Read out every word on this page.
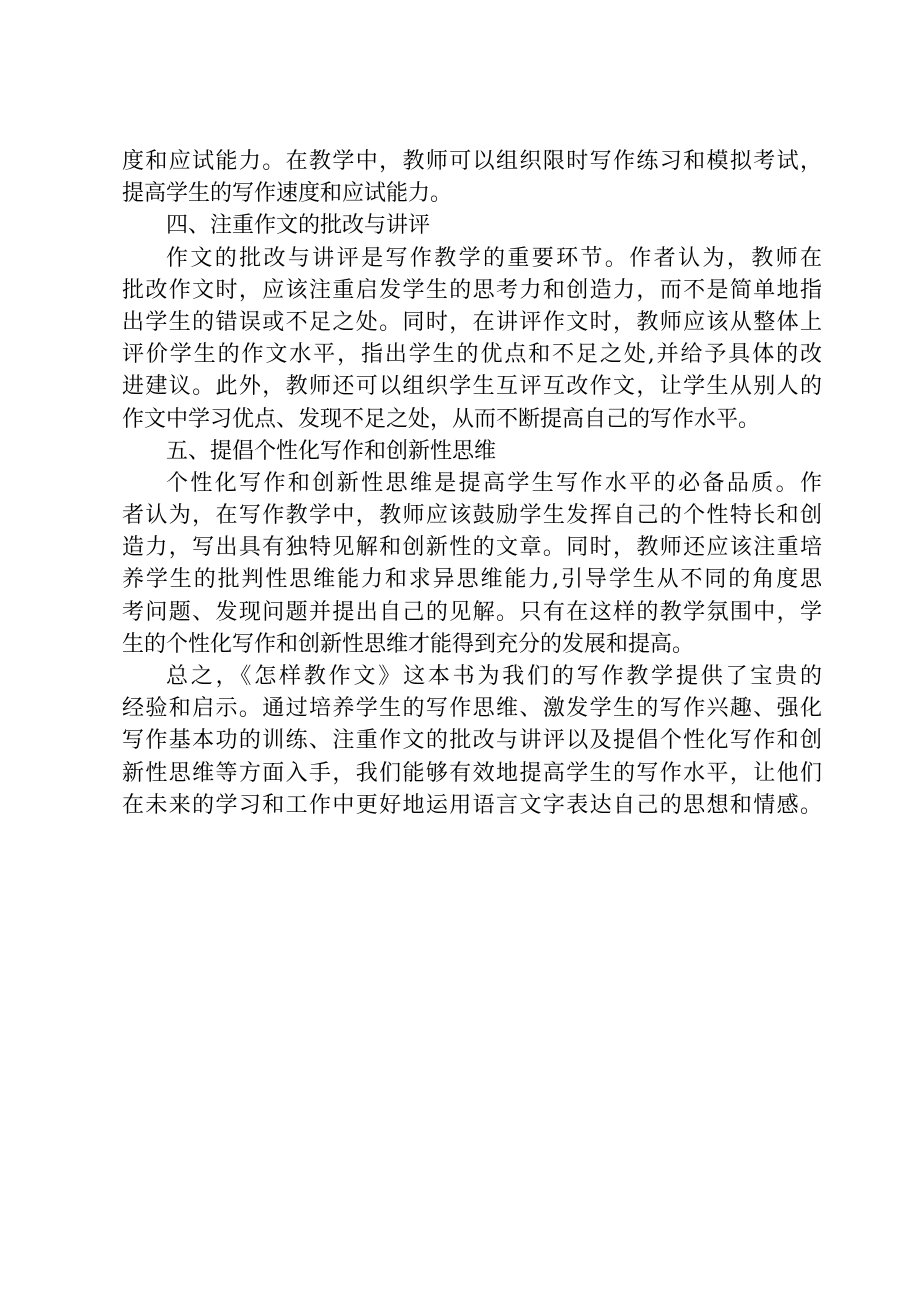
度和应试能力。在教学中，教师可以组织限时写作练习和模拟考试，
提高学生的写作速度和应试能力。
四、注重作文的批改与讲评
作文的批改与讲评是写作教学的重要环节。作者认为，教师在
批改作文时，应该注重启发学生的思考力和创造力，而不是简单地指
出学生的错误或不足之处。同时，在讲评作文时，教师应该从整体上
评价学生的作文水平，指出学生的优点和不足之处,并给予具体的改
进建议。此外，教师还可以组织学生互评互改作文，让学生从别人的
作文中学习优点、发现不足之处，从而不断提高自己的写作水平。
五、提倡个性化写作和创新性思维
个性化写作和创新性思维是提高学生写作水平的必备品质。作
者认为，在写作教学中，教师应该鼓励学生发挥自己的个性特长和创
造力，写出具有独特见解和创新性的文章。同时，教师还应该注重培
养学生的批判性思维能力和求异思维能力,引导学生从不同的角度思
考问题、发现问题并提出自己的见解。只有在这样的教学氛围中，学
生的个性化写作和创新性思维才能得到充分的发展和提高。
总之，《怎样教作文》这本书为我们的写作教学提供了宝贵的
经验和启示。通过培养学生的写作思维、激发学生的写作兴趣、强化
写作基本功的训练、注重作文的批改与讲评以及提倡个性化写作和创
新性思维等方面入手，我们能够有效地提高学生的写作水平，让他们
在未来的学习和工作中更好地运用语言文字表达自己的思想和情感。
